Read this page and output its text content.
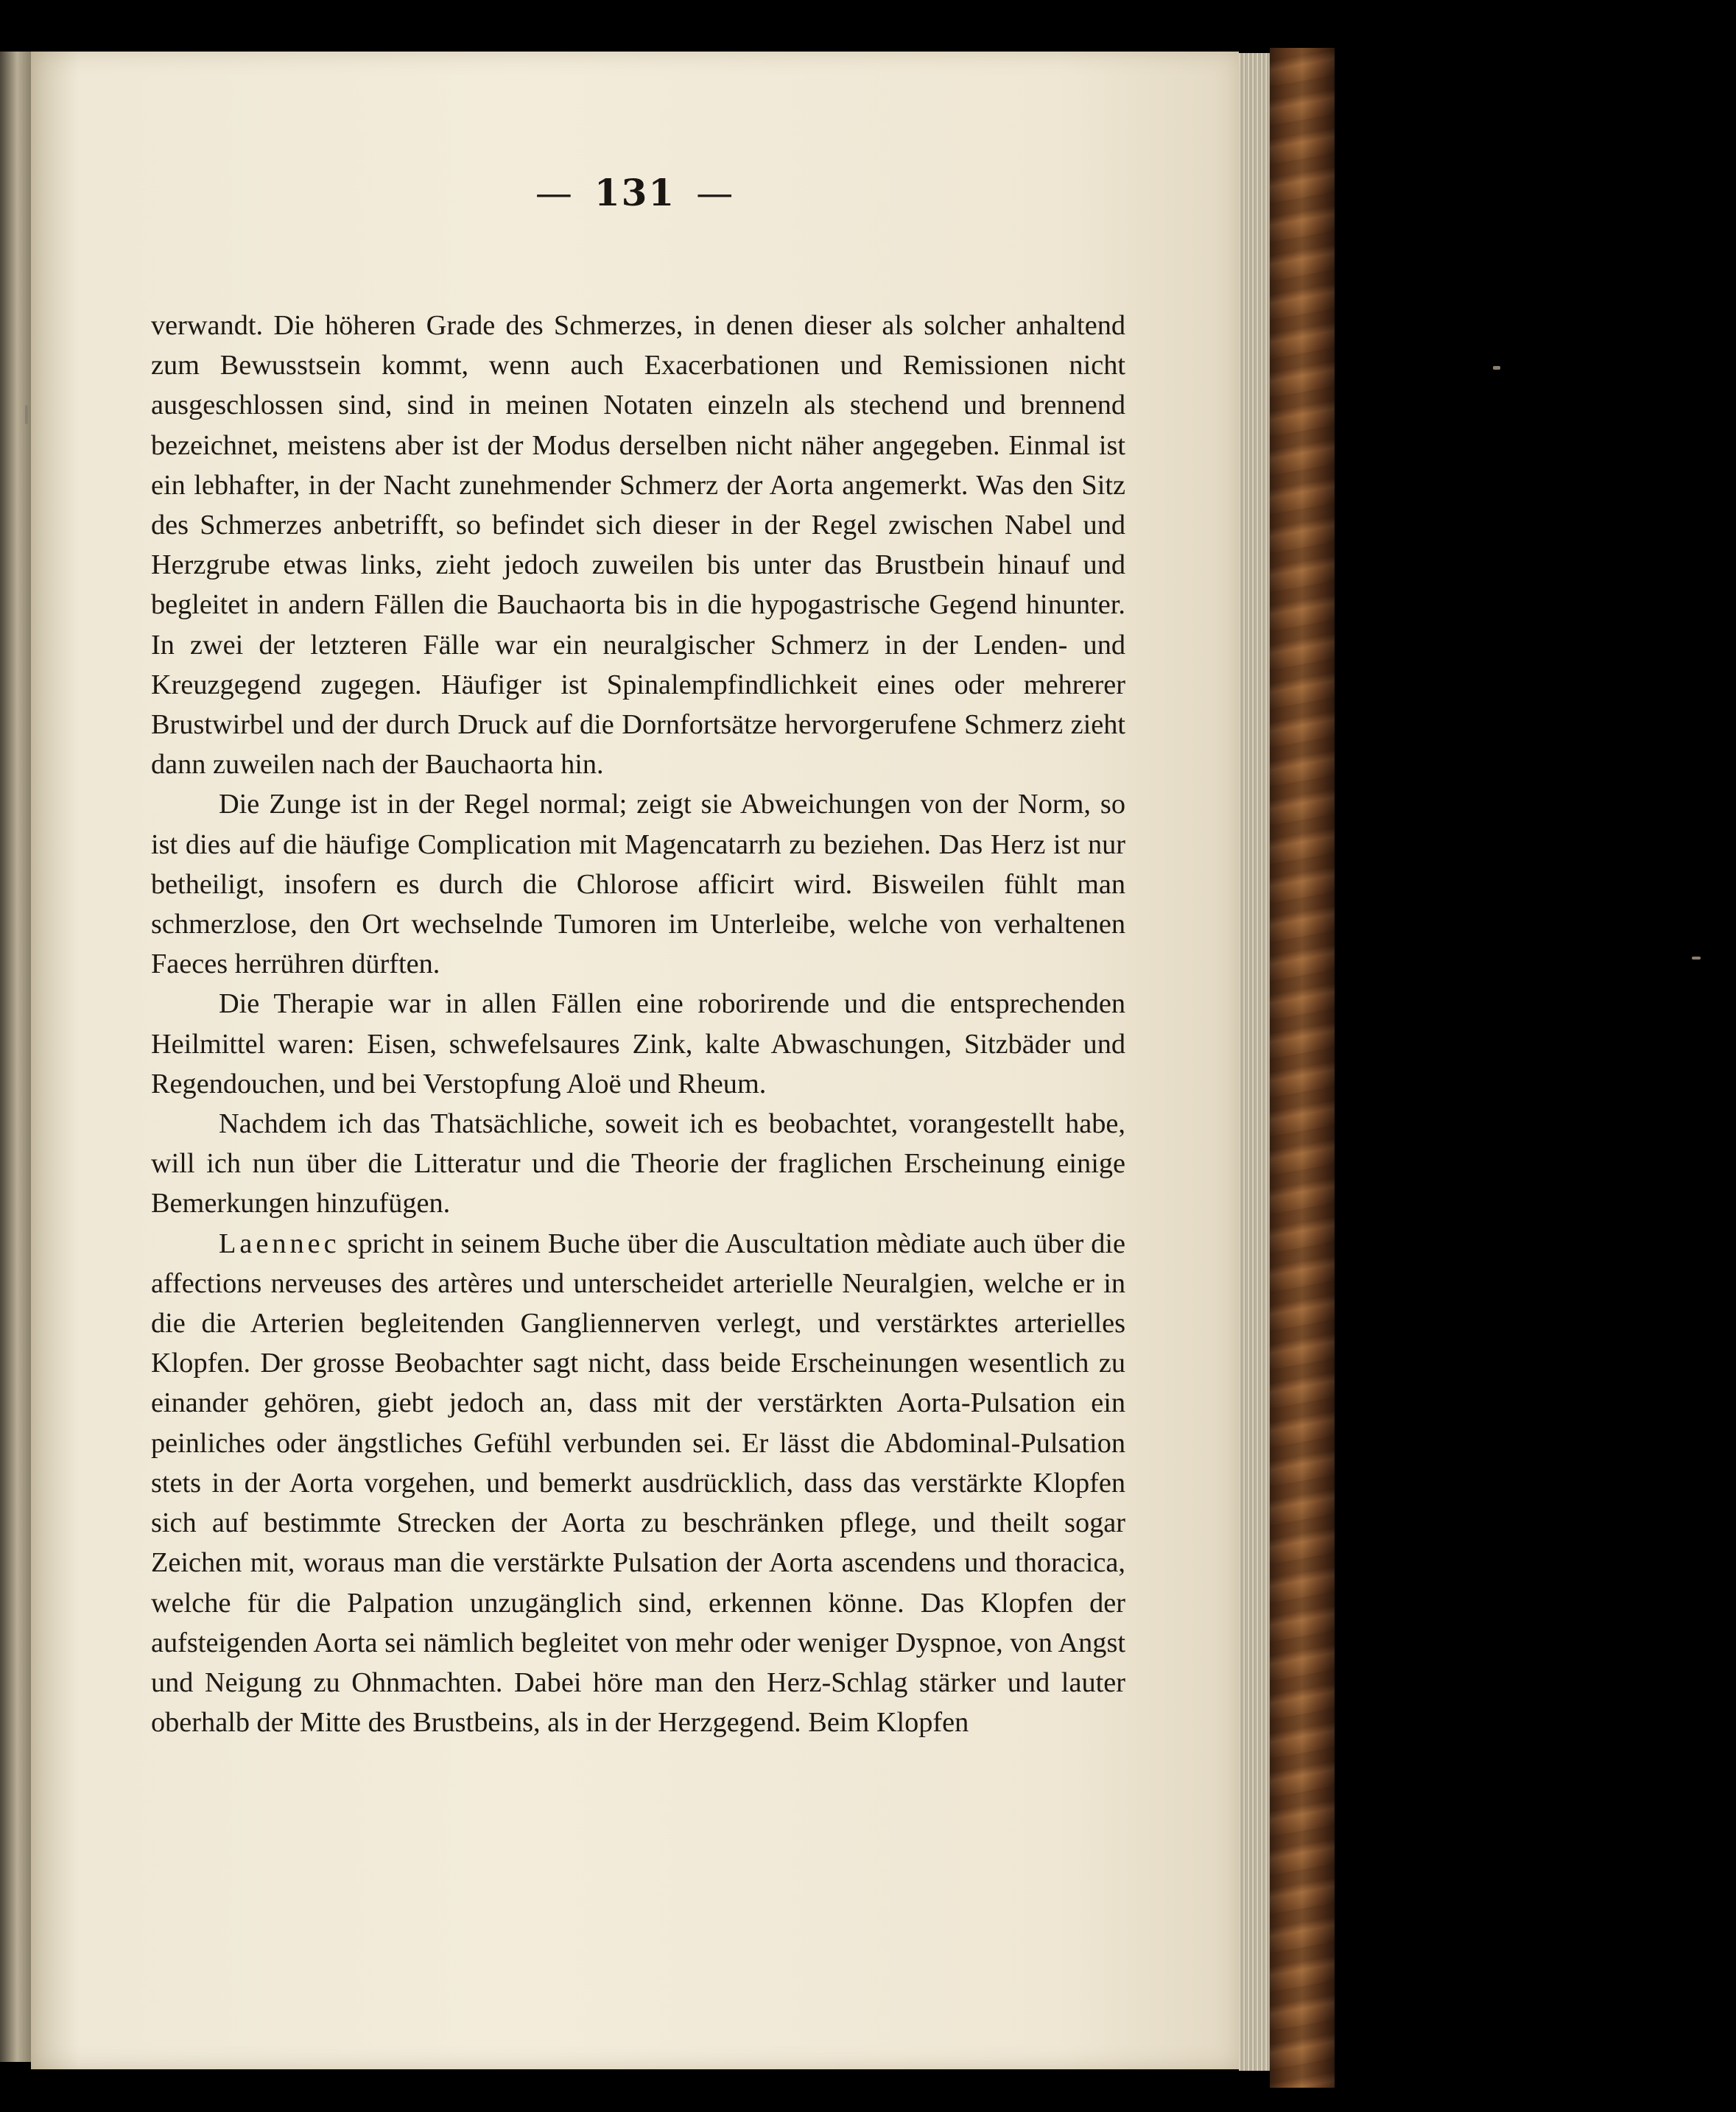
— 131 —

verwandt. Die höheren Grade des Schmerzes, in denen dieser als solcher anhaltend zum Bewusstsein kommt, wenn auch Exacerbationen und Remissionen nicht ausgeschlossen sind, sind in meinen Notaten einzeln als stechend und brennend bezeichnet, meistens aber ist der Modus derselben nicht näher angegeben. Einmal ist ein lebhafter, in der Nacht zunehmender Schmerz der Aorta angemerkt. Was den Sitz des Schmerzes anbetrifft, so befindet sich dieser in der Regel zwischen Nabel und Herzgrube etwas links, zieht jedoch zuweilen bis unter das Brustbein hinauf und begleitet in andern Fällen die Bauchaorta bis in die hypogastrische Gegend hinunter. In zwei der letzteren Fälle war ein neuralgischer Schmerz in der Lenden- und Kreuzgegend zugegen. Häufiger ist Spinalempfindlichkeit eines oder mehrerer Brustwirbel und der durch Druck auf die Dornfortsätze hervorgerufene Schmerz zieht dann zuweilen nach der Bauchaorta hin.

Die Zunge ist in der Regel normal; zeigt sie Abweichungen von der Norm, so ist dies auf die häufige Complication mit Magencatarrh zu beziehen. Das Herz ist nur betheiligt, insofern es durch die Chlorose afficirt wird. Bisweilen fühlt man schmerzlose, den Ort wechselnde Tumoren im Unterleibe, welche von verhaltenen Faeces herrühren dürften.

Die Therapie war in allen Fällen eine roborirende und die entsprechenden Heilmittel waren: Eisen, schwefelsaures Zink, kalte Abwaschungen, Sitzbäder und Regendouchen, und bei Verstopfung Aloë und Rheum.

Nachdem ich das Thatsächliche, soweit ich es beobachtet, vorangestellt habe, will ich nun über die Litteratur und die Theorie der fraglichen Erscheinung einige Bemerkungen hinzufügen.

Laennec spricht in seinem Buche über die Auscultation mèdiate auch über die affections nerveuses des artères und unterscheidet arterielle Neuralgien, welche er in die die Arterien begleitenden Gangliennerven verlegt, und verstärktes arterielles Klopfen. Der grosse Beobachter sagt nicht, dass beide Erscheinungen wesentlich zu einander gehören, giebt jedoch an, dass mit der verstärkten Aorta-Pulsation ein peinliches oder ängstliches Gefühl verbunden sei. Er lässt die Abdominal-Pulsation stets in der Aorta vorgehen, und bemerkt ausdrücklich, dass das verstärkte Klopfen sich auf bestimmte Strecken der Aorta zu beschränken pflege, und theilt sogar Zeichen mit, woraus man die verstärkte Pulsation der Aorta ascendens und thoracica, welche für die Palpation unzugänglich sind, erkennen könne. Das Klopfen der aufsteigenden Aorta sei nämlich begleitet von mehr oder weniger Dyspnoe, von Angst und Neigung zu Ohnmachten. Dabei höre man den Herz-Schlag stärker und lauter oberhalb der Mitte des Brustbeins, als in der Herzgegend. Beim Klopfen
